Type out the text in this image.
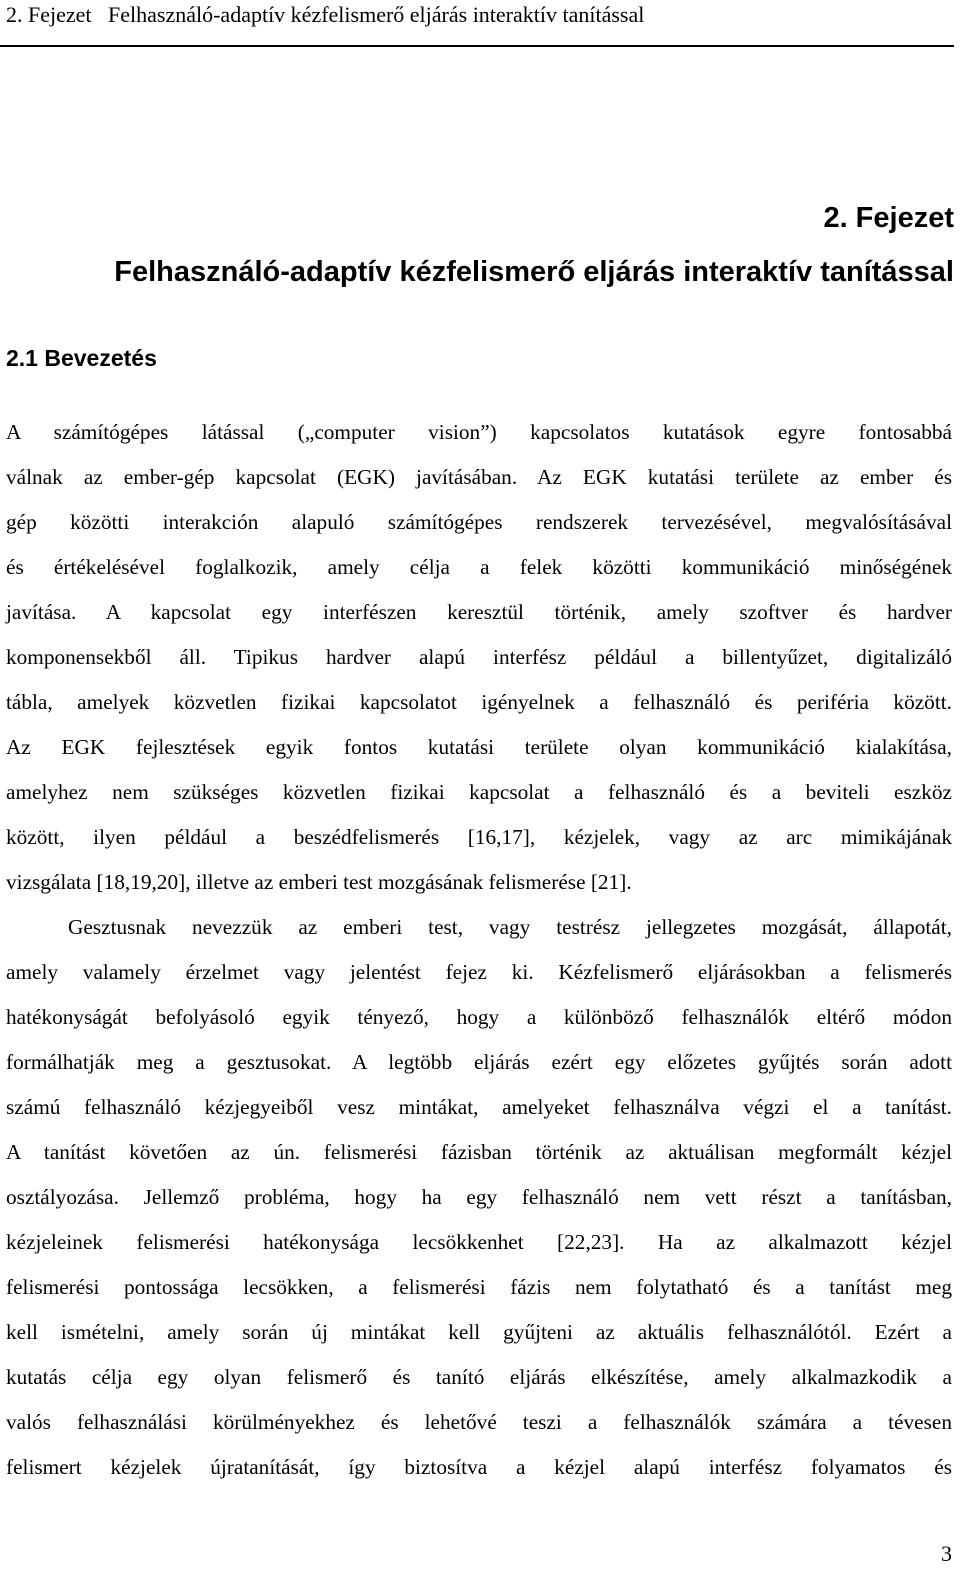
2. Fejezet   Felhasználó-adaptív kézfelismerő eljárás interaktív tanítással
2. Fejezet
Felhasználó-adaptív kézfelismerő eljárás interaktív tanítással
2.1 Bevezetés
A számítógépes látással („computer vision”) kapcsolatos kutatások egyre fontosabbá
válnak az ember-gép kapcsolat (EGK) javításában. Az EGK kutatási területe az ember és
gép közötti interakción alapuló számítógépes rendszerek tervezésével, megvalósításával
és értékelésével foglalkozik, amely célja a felek közötti kommunikáció minőségének
javítása. A kapcsolat egy interfészen keresztül történik, amely szoftver és hardver
komponensekből áll. Tipikus hardver alapú interfész például a billentyűzet, digitalizáló
tábla, amelyek közvetlen fizikai kapcsolatot igényelnek a felhasználó és periféria között.
Az EGK fejlesztések egyik fontos kutatási területe olyan kommunikáció kialakítása,
amelyhez nem szükséges közvetlen fizikai kapcsolat a felhasználó és a beviteli eszköz
között, ilyen például a beszédfelismerés [16,17], kézjelek, vagy az arc mimikájának
vizsgálata [18,19,20], illetve az emberi test mozgásának felismerése [21].
Gesztusnak nevezzük az emberi test, vagy testrész jellegzetes mozgását, állapotát,
amely valamely érzelmet vagy jelentést fejez ki. Kézfelismerő eljárásokban a felismerés
hatékonyságát befolyásoló egyik tényező, hogy a különböző felhasználók eltérő módon
formálhatják meg a gesztusokat. A legtöbb eljárás ezért egy előzetes gyűjtés során adott
számú felhasználó kézjegyeiből vesz mintákat, amelyeket felhasználva végzi el a tanítást.
A tanítást követően az ún. felismerési fázisban történik az aktuálisan megformált kézjel
osztályozása. Jellemző probléma, hogy ha egy felhasználó nem vett részt a tanításban,
kézjeleinek felismerési hatékonysága lecsökkenhet [22,23]. Ha az alkalmazott kézjel
felismerési pontossága lecsökken, a felismerési fázis nem folytatható és a tanítást meg
kell ismételni, amely során új mintákat kell gyűjteni az aktuális felhasználótól. Ezért a
kutatás célja egy olyan felismerő és tanító eljárás elkészítése, amely alkalmazkodik a
valós felhasználási körülményekhez és lehetővé teszi a felhasználók számára a tévesen
felismert kézjelek újratanítását, így biztosítva a kézjel alapú interfész folyamatos és
3
